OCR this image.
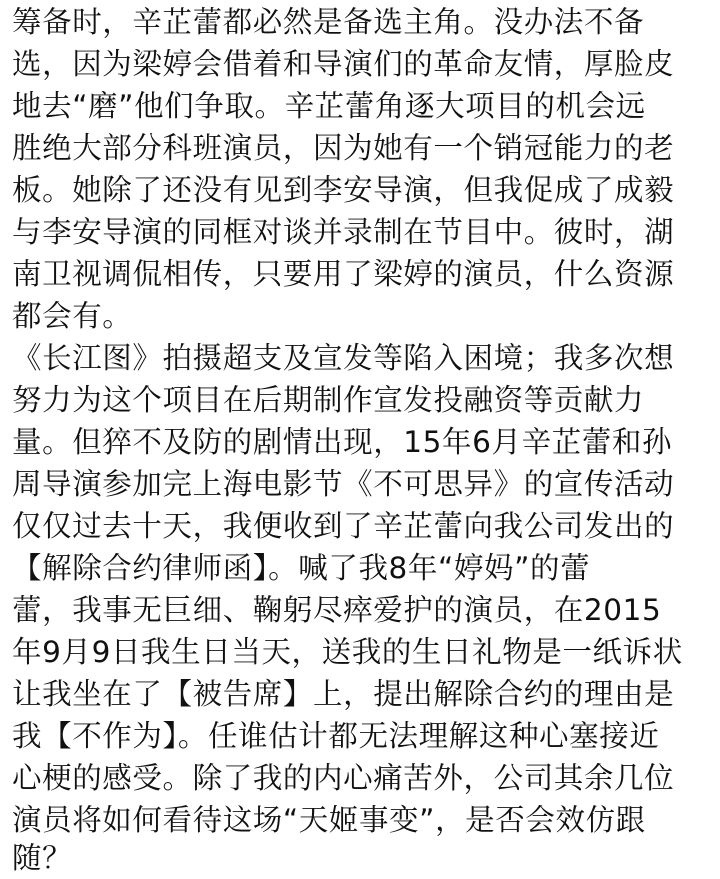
筹备时，辛芷蕾都必然是备选主角。没办法不备
选，因为梁婷会借着和导演们的革命友情，厚脸皮
地去“磨”他们争取。辛芷蕾角逐大项目的机会远
胜绝大部分科班演员，因为她有一个销冠能力的老
板。她除了还没有见到李安导演，但我促成了成毅
与李安导演的同框对谈并录制在节目中。彼时，湖
南卫视调侃相传，只要用了梁婷的演员，什么资源
都会有。
《长江图》拍摄超支及宣发等陷入困境；我多次想
努力为这个项目在后期制作宣发投融资等贡献力
量。但猝不及防的剧情出现，15年6月辛芷蕾和孙
周导演参加完上海电影节《不可思异》的宣传活动
仅仅过去十天，我便收到了辛芷蕾向我公司发出的
【解除合约律师函】。喊了我8年“婷妈”的蕾
蕾，我事无巨细、鞠躬尽瘁爱护的演员，在2015
年9月9日我生日当天，送我的生日礼物是一纸诉状
让我坐在了【被告席】上，提出解除合约的理由是
我【不作为】。任谁估计都无法理解这种心塞接近
心梗的感受。除了我的内心痛苦外，公司其余几位
演员将如何看待这场“天姬事变”，是否会效仿跟
随？
